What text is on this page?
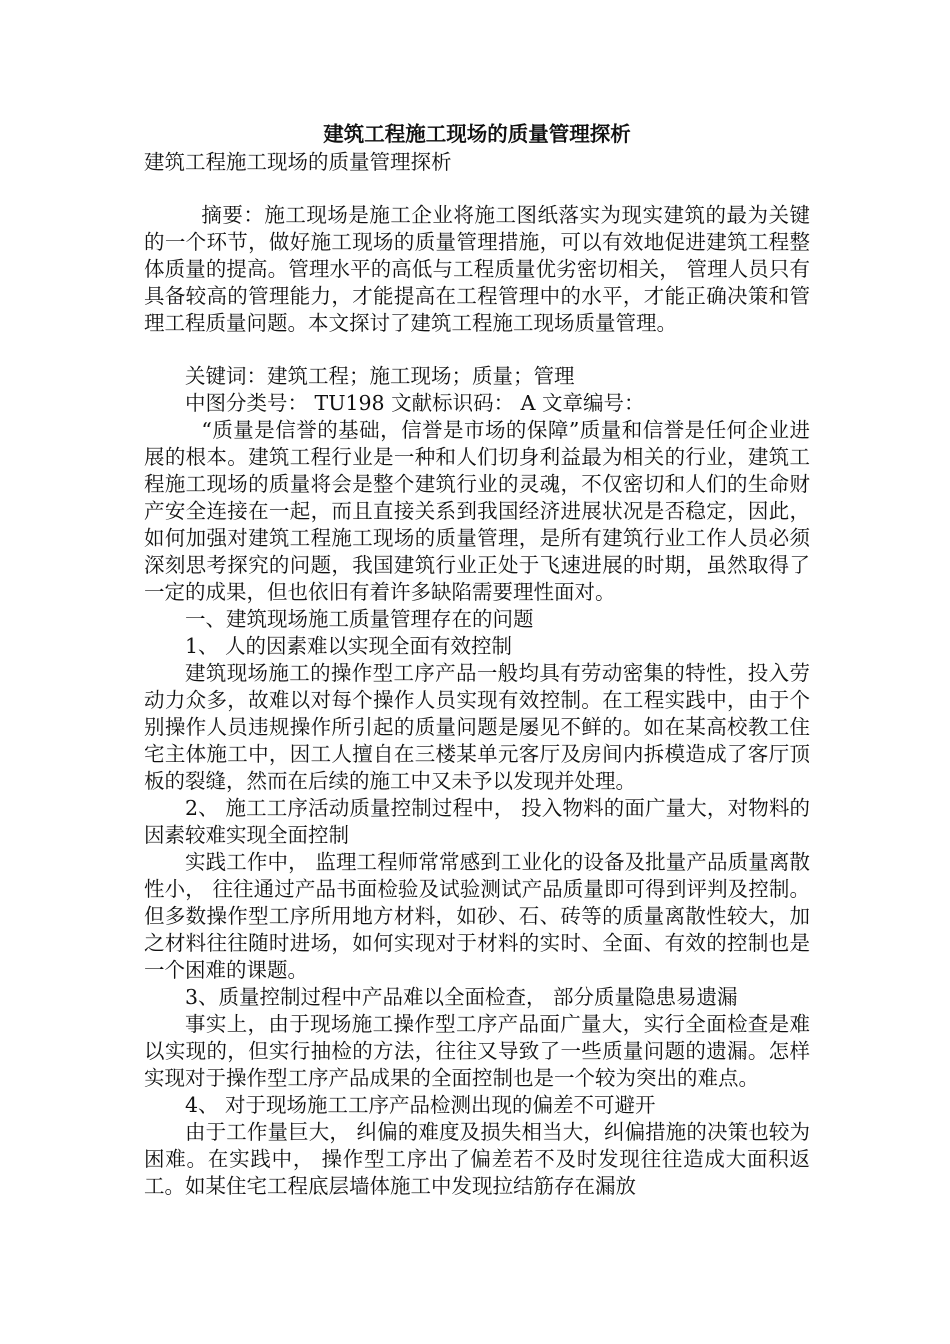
建筑工程施工现场的质量管理探析

建筑工程施工现场的质量管理探析

摘要：施工现场是施工企业将施工图纸落实为现实建筑的最为关键的一个环节，做好施工现场的质量管理措施，可以有效地促进建筑工程整体质量的提高。管理水平的高低与工程质量优劣密切相关， 管理人员只有具备较高的管理能力，才能提高在工程管理中的水平，才能正确决策和管理工程质量问题。本文探讨了建筑工程施工现场质量管理。

关键词：建筑工程；施工现场；质量；管理

中图分类号： TU198 文献标识码： A 文章编号：

“质量是信誉的基础，信誉是市场的保障”质量和信誉是任何企业进展的根本。建筑工程行业是一种和人们切身利益最为相关的行业，建筑工程施工现场的质量将会是整个建筑行业的灵魂，不仅密切和人们的生命财产安全连接在一起，而且直接关系到我国经济进展状况是否稳定，因此，如何加强对建筑工程施工现场的质量管理，是所有建筑行业工作人员必须深刻思考探究的问题，我国建筑行业正处于飞速进展的时期，虽然取得了一定的成果，但也依旧有着许多缺陷需要理性面对。

一、建筑现场施工质量管理存在的问题

1、 人的因素难以实现全面有效控制

建筑现场施工的操作型工序产品一般均具有劳动密集的特性，投入劳动力众多，故难以对每个操作人员实现有效控制。在工程实践中，由于个别操作人员违规操作所引起的质量问题是屡见不鲜的。如在某高校教工住宅主体施工中，因工人擅自在三楼某单元客厅及房间内拆模造成了客厅顶板的裂缝，然而在后续的施工中又未予以发现并处理。

2、 施工工序活动质量控制过程中， 投入物料的面广量大，对物料的因素较难实现全面控制

实践工作中， 监理工程师常常感到工业化的设备及批量产品质量离散性小， 往往通过产品书面检验及试验测试产品质量即可得到评判及控制。但多数操作型工序所用地方材料，如砂、石、砖等的质量离散性较大，加之材料往往随时进场，如何实现对于材料的实时、全面、有效的控制也是一个困难的课题。

3、质量控制过程中产品难以全面检查， 部分质量隐患易遗漏

事实上，由于现场施工操作型工序产品面广量大，实行全面检查是难以实现的，但实行抽检的方法，往往又导致了一些质量问题的遗漏。怎样实现对于操作型工序产品成果的全面控制也是一个较为突出的难点。

4、 对于现场施工工序产品检测出现的偏差不可避开

由于工作量巨大， 纠偏的难度及损失相当大，纠偏措施的决策也较为困难。在实践中， 操作型工序出了偏差若不及时发现往往造成大面积返工。如某住宅工程底层墙体施工中发现拉结筋存在漏放
